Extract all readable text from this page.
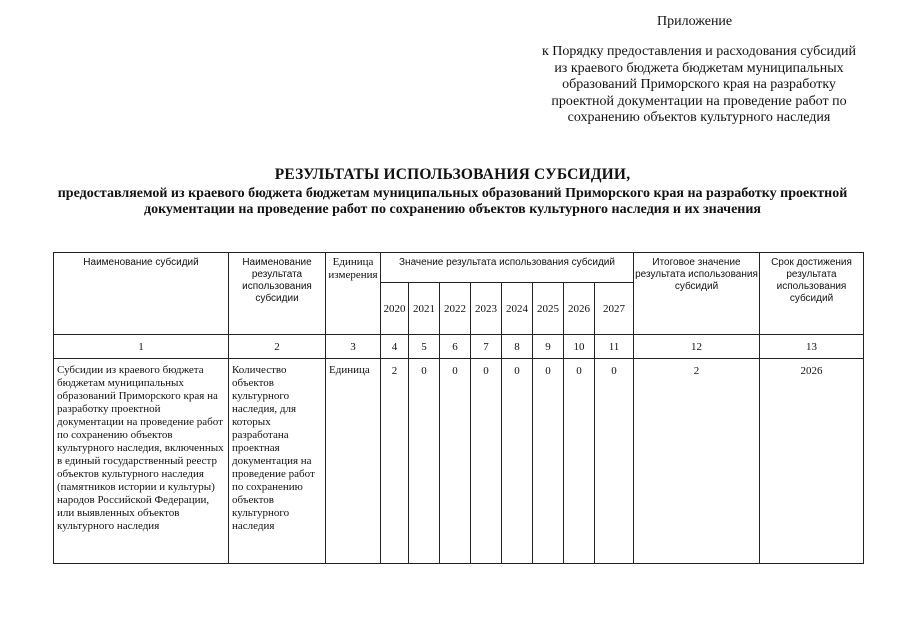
Приложение
к Порядку предоставления и расходования субсидий из краевого бюджета бюджетам муниципальных образований Приморского края на разработку проектной документации на проведение работ по сохранению объектов культурного наследия
РЕЗУЛЬТАТЫ ИСПОЛЬЗОВАНИЯ СУБСИДИИ,
предоставляемой из краевого бюджета бюджетам муниципальных образований Приморского края на разработку проектной документации на проведение работ по сохранению объектов культурного наследия и их значения
Наименование субсидий	Наименование результата использования субсидии	Единица измерения	Значение результата использования субсидий								Итоговое значение результата использования субсидий	Срок достижения результата использования субсидий
			2020	2021	2022	2023	2024	2025	2026	2027		
1	2	3	4	5	6	7	8	9	10	11	12	13
Субсидии из краевого бюджета бюджетам муниципальных образований Приморского края на разработку проектной документации на проведение работ по сохранению объектов культурного наследия, включенных в единый государственный реестр объектов культурного наследия (памятников истории и культуры) народов Российской Федерации, или выявленных объектов культурного наследия	Количество объектов культурного наследия, для которых разработана проектная документация на проведение работ по сохранению объектов культурного наследия	Единица	2	0	0	0	0	0	0	0	2	2026
